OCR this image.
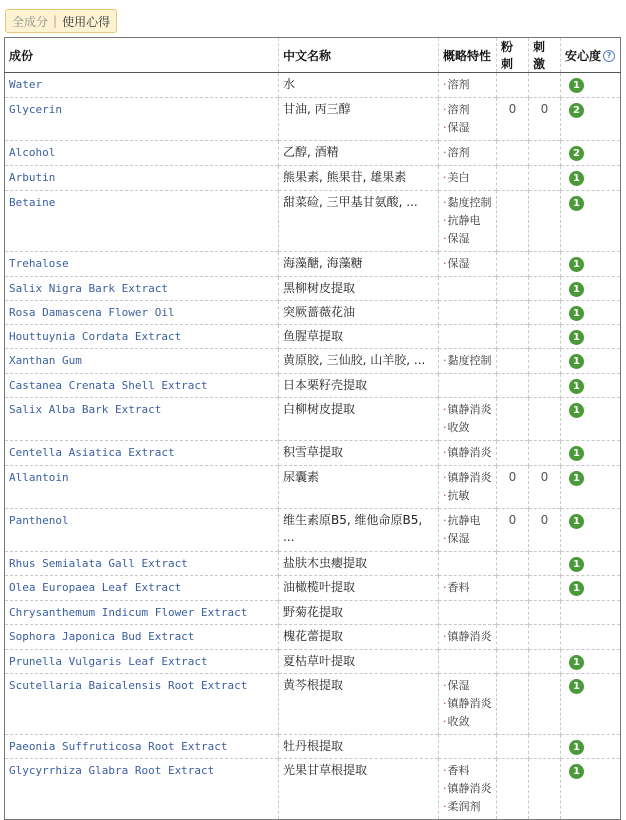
全成分 | 使用心得
成份	中文名称	概略特性	粉刺	刺激	安心度 ?
Water	水	· 溶剂			1
Glycerin	甘油, 丙三醇	· 溶剂
· 保湿	0	0	2
Alcohol	乙醇, 酒精	· 溶剂			2
Arbutin	熊果素, 熊果苷, 雄果素	· 美白			1
Betaine	甜菜硷, 三甲基甘氨酸, ...	· 黏度控制
· 抗静电
· 保湿			1
Trehalose	海藻醣, 海藻糖	· 保湿			1
Salix Nigra Bark Extract	黑柳树皮提取				1
Rosa Damascena Flower Oil	突厥蔷薇花油				1
Houttuynia Cordata Extract	鱼腥草提取				1
Xanthan Gum	黄原胶, 三仙胶, 山羊胶, ...	· 黏度控制			1
Castanea Crenata Shell Extract	日本栗籽壳提取				1
Salix Alba Bark Extract	白柳树皮提取	· 镇静消炎
· 收敛			1
Centella Asiatica Extract	积雪草提取	· 镇静消炎			1
Allantoin	尿囊素	· 镇静消炎
· 抗敏	0	0	1
Panthenol	维生素原B5, 维他命原B5, ...	· 抗静电
· 保湿	0	0	1
Rhus Semialata Gall Extract	盐肤木虫瘿提取				1
Olea Europaea Leaf Extract	油橄榄叶提取	· 香料			1
Chrysanthemum Indicum Flower Extract	野菊花提取				
Sophora Japonica Bud Extract	槐花蕾提取	· 镇静消炎

Prunella Vulgaris Leaf Extract	夏枯草叶提取				1
Scutellaria Baicalensis Root Extract	黄芩根提取	· 保湿
· 镇静消炎
· 收敛			1
Paeonia Suffruticosa Root Extract	牡丹根提取				1
Glycyrrhiza Glabra Root Extract	光果甘草根提取	· 香料
· 镇静消炎
· 柔润剂			1
